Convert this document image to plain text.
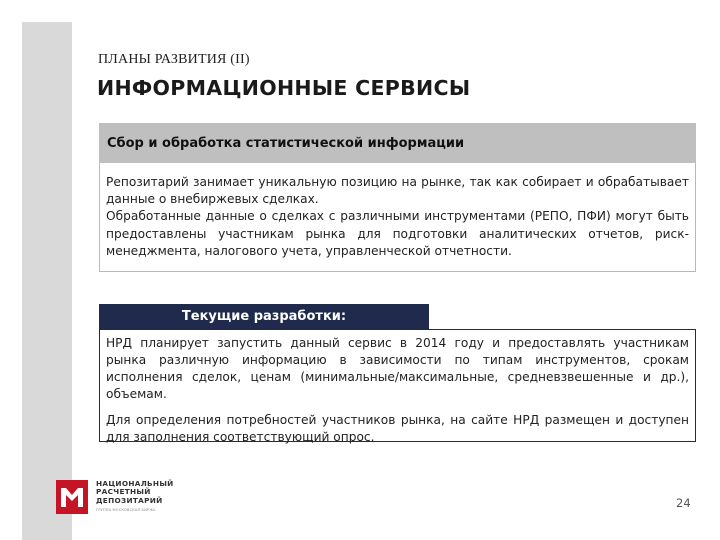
ПЛАНЫ РАЗВИТИЯ (II)
ИНФОРМАЦИОННЫЕ СЕРВИСЫ
Сбор и обработка статистической информации

Репозитарий занимает уникальную позицию на рынке, так как собирает и обрабатывает данные о внебиржевых сделках.

Обработанные данные о сделках с различными инструментами (РЕПО, ПФИ) могут быть предоставлены участникам рынка для подготовки аналитических отчетов, риск-менеджмента, налогового учета, управленческой отчетности.

Текущие разработки:

НРД планирует запустить данный сервис в 2014 году и предоставлять участникам рынка различную информацию в зависимости по типам инструментов, срокам исполнения сделок, ценам (минимальные/максимальные, средневзвешенные и др.), объемам.

Для определения потребностей участников рынка, на сайте НРД размещен и доступен для заполнения соответствующий опрос.

НАЦИОНАЛЬНЫЙ
РАСЧЕТНЫЙ
ДЕПОЗИТАРИЙ
ГРУППА МОСКОВСКАЯ БИРЖА	24
